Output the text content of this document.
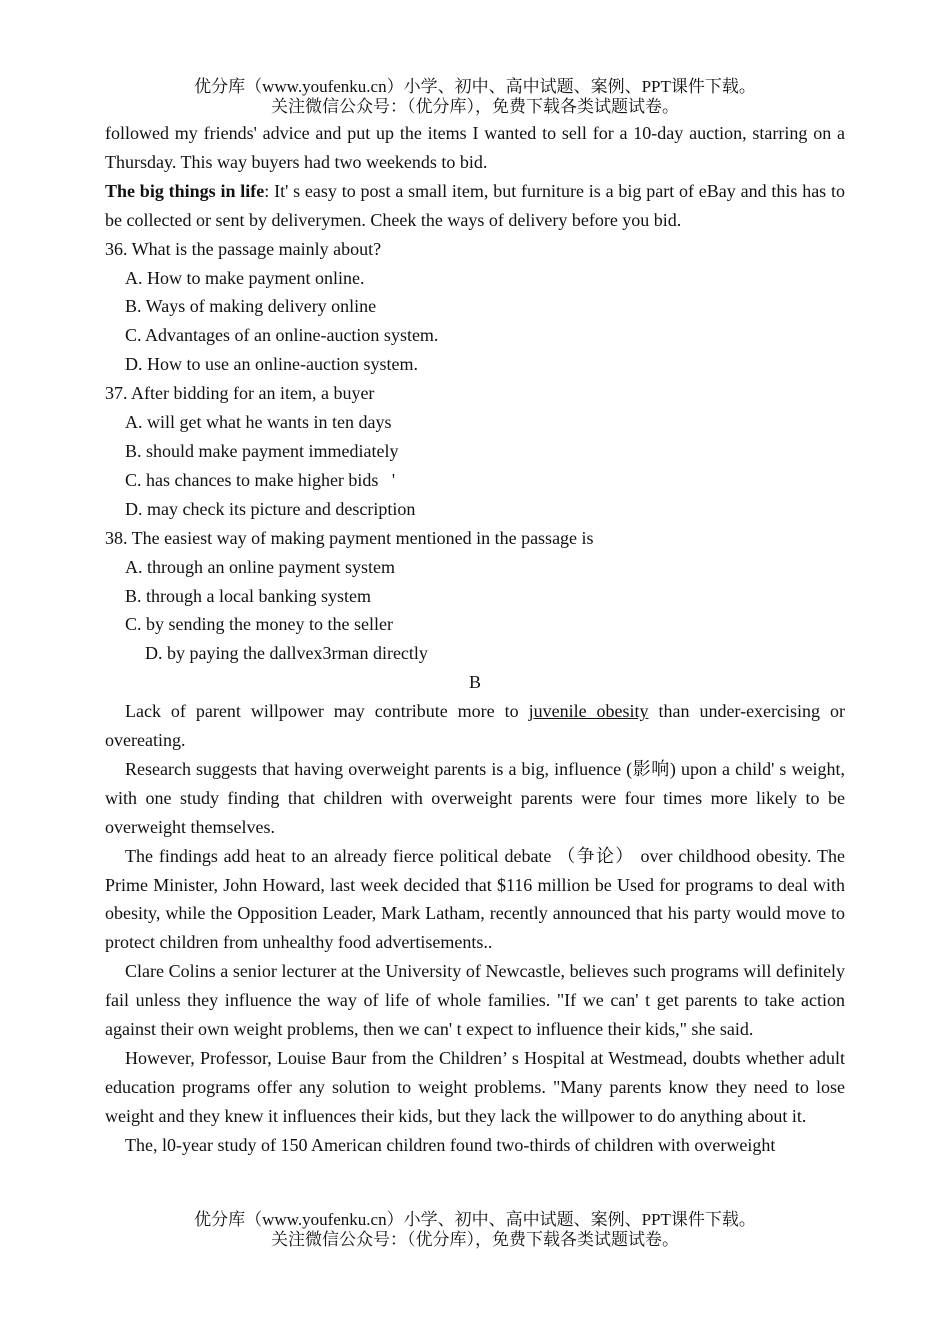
优分库（www.youfenku.cn）小学、初中、高中试题、案例、PPT课件下载。
关注微信公众号：（优分库），免费下载各类试题试卷。

followed my friends' advice and put up the items I wanted to sell for a 10-day auction, starring on a Thursday. This way buyers had two weekends to bid.

The big things in life: It' s easy to post a small item, but furniture is a big part of eBay and this has to be collected or sent by deliverymen. Cheek the ways of delivery before you bid.

36. What is the passage mainly about?

A. How to make payment online.

B. Ways of making delivery online

C. Advantages of an online-auction system.

D. How to use an online-auction system.

37. After bidding for an item, a buyer

A. will get what he wants in ten days

B. should make payment immediately

C. has chances to make higher bids   '

D. may check its picture and description

38. The easiest way of making payment mentioned in the passage is

A. through an online payment system

B. through a local banking system

C. by sending the money to the seller

D. by paying the dallvex3rman directly

B

Lack of parent willpower may contribute more to juvenile obesity than under-exercising or overeating.

Research suggests that having overweight parents is a big, influence (影响) upon a child' s weight, with one study finding that children with overweight parents were four times more likely to be overweight themselves.

The findings add heat to an already fierce political debate （争论） over childhood obesity. The Prime Minister, John Howard, last week decided that $116 million be Used for programs to deal with obesity, while the Opposition Leader, Mark Latham, recently announced that his party would move to protect children from unhealthy food advertisements..

Clare Colins a senior lecturer at the University of Newcastle, believes such programs will definitely fail unless they influence the way of life of whole families. "If we can' t get parents to take action against their own weight problems, then we can' t expect to influence their kids," she said.

However, Professor, Louise Baur from the Children’ s Hospital at Westmead, doubts whether adult education programs offer any solution to weight problems. "Many parents know they need to lose weight and they knew it influences their kids, but they lack the willpower to do anything about it.

The, l0-year study of 150 American children found two-thirds of children with overweight

优分库（www.youfenku.cn）小学、初中、高中试题、案例、PPT课件下载。
关注微信公众号：（优分库），免费下载各类试题试卷。
